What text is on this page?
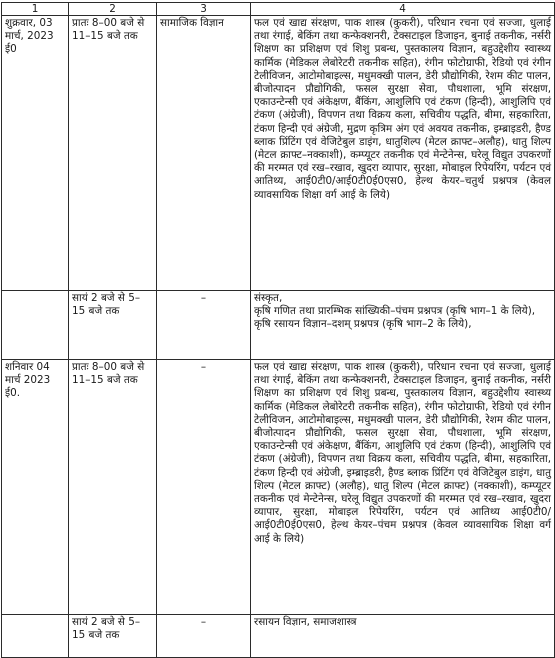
1	2	3	4
शुक्रवार, 03 मार्च, 2023 ई0	प्रातः 8–00 बजे से 11–15 बजे तक	सामाजिक विज्ञान	फल एवं खाद्य संरक्षण, पाक शास्त्र (कुकरी), परिधान रचना एवं सज्जा, धुलाई तथा रंगाई, बेकिंग तथा कन्फेक्शनरी, टेक्सटाइल डिजाइन, बुनाई तकनीक, नर्सरी शिक्षण का प्रशिक्षण एवं शिशु प्रबन्ध, पुस्तकालय विज्ञान, बहुउद्देशीय स्वास्थ्य कार्मिक (मेडिकल लेबोरेटरी तकनीक सहित), रंगीन फोटोग्राफी, रेडियो एवं रंगीन टेलीविजन, आटोमोबाइल्स, मधुमक्खी पालन, डेरी प्रौद्योगिकी, रेशम कीट पालन, बीजोत्पादन प्रौद्योगिकी, फसल सुरक्षा सेवा, पौधशाला, भूमि संरक्षण, एकाउन्टेन्सी एवं अंकेक्षण, बैंकिंग, आशुलिपि एवं टंकण (हिन्दी), आशुलिपि एवं टंकण (अंग्रेजी), विपणन तथा विक्रय कला, सचिवीय पद्धति, बीमा, सहकारिता, टंकण हिन्दी एवं अंग्रेजी, मुद्रण कृत्रिम अंग एवं अवयव तकनीक, इम्ब्राइडरी, हैण्ड ब्लाक प्रिंटिंग एवं वेजिटेबुल डाइंग, धातुशिल्प (मेटल क्राफ्ट–अलौह), धातु शिल्प (मेटल क्राफ्ट–नक्काशी), कम्प्यूटर तकनीक एवं मेन्टेनेन्स, घरेलू विद्युत उपकरणों की मरम्मत एवं रख–रखाव, खुदरा व्यापार, सुरक्षा, मोबाइल रिपेयरिंग, पर्यटन एवं आतिथ्य, आई0टी0/आई0टी0ई0एस0, हेल्थ केयर–चतुर्थ प्रश्नपत्र (केवल व्यावसायिक शिक्षा वर्ग आई के लिये)
	सायं 2 बजे से 5–15 बजे तक	–	संस्कृत,
कृषि गणित तथा प्रारम्भिक सांख्यिकी–पंचम प्रश्नपत्र (कृषि भाग–1 के लिये),
कृषि रसायन विज्ञान–दशम् प्रश्नपत्र (कृषि भाग–2 के लिये),

शनिवार 04 मार्च 2023 ई0.	प्रातः 8–00 बजे से 11–15 बजे तक	–	फल एवं खाद्य संरक्षण, पाक शास्त्र (कुकरी), परिधान रचना एवं सज्जा, धुलाई तथा रंगाई, बेकिंग तथा कन्फेक्शनरी, टेक्सटाइल डिजाइन, बुनाई तकनीक, नर्सरी शिक्षण का प्रशिक्षण एवं शिशु प्रबन्ध, पुस्तकालय विज्ञान, बहुउद्देशीय स्वास्थ्य कार्मिक (मेडिकल लेबोरेटरी तकनीक सहित), रंगीन फोटोग्राफी, रेडियो एवं रंगीन टेलीविजन, आटोमोबाइल्स, मधुमक्खी पालन, डेरी प्रौद्योगिकी, रेशम कीट पालन, बीजोत्पादन प्रौद्योगिकी, फसल सुरक्षा सेवा, पौधशाला, भूमि संरक्षण, एकाउन्टेन्सी एवं अंकेक्षण, बैंकिंग, आशुलिपि एवं टंकण (हिन्दी), आशुलिपि एवं टंकण (अंग्रेजी), विपणन तथा विक्रय कला, सचिवीय पद्धति, बीमा, सहकारिता, टंकण हिन्दी एवं अंग्रेजी, इम्ब्राइडरी, हैण्ड ब्लाक प्रिंटिंग एवं वेजिटेबुल डाइंग, धातु शिल्प (मेटल क्राफ्ट) (अलौह), धातु शिल्प (मेटल क्राफ्ट) (नक्काशी), कम्प्यूटर तकनीक एवं मेन्टेनेन्स, घरेलू विद्युत उपकरणों की मरम्मत एवं रख–रखाव, खुदरा व्यापार, सुरक्षा, मोबाइल रिपेयरिंग, पर्यटन एवं आतिथ्य आई0टी0/आई0टी0ई0एस0, हेल्थ केयर–पंचम प्रश्नपत्र (केवल व्यावसायिक शिक्षा वर्ग आई के लिये)
	सायं 2 बजे से 5–15 बजे तक	–	रसायन विज्ञान, समाजशास्त्र
